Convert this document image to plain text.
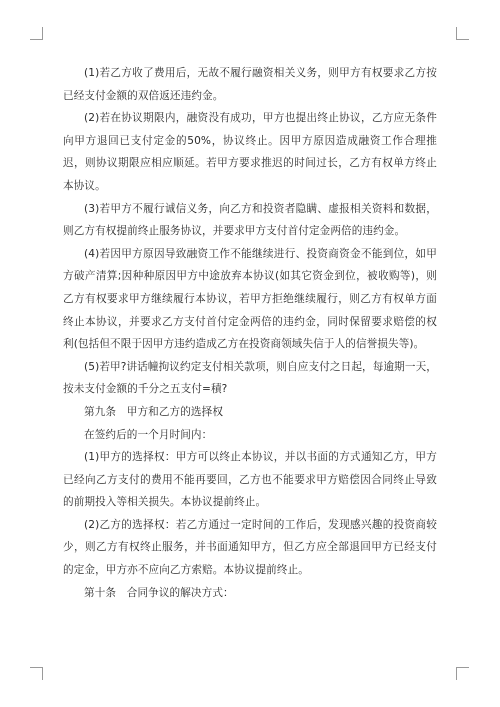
(1)若乙方收了费用后，无故不履行融资相关义务，则甲方有权要求乙方按已经支付金额的双倍返还违约金。

(2)若在协议期限内，融资没有成功，甲方也提出终止协议，乙方应无条件向甲方退回已支付定金的50%，协议终止。因甲方原因造成融资工作合理推迟，则协议期限应相应顺延。若甲方要求推迟的时间过长，乙方有权单方终止本协议。

(3)若甲方不履行诚信义务，向乙方和投资者隐瞒、虚报相关资料和数据，则乙方有权提前终止服务协议，并要求甲方支付首付定金两倍的违约金。

(4)若因甲方原因导致融资工作不能继续进行、投资商资金不能到位，如甲方破产清算;因种种原因甲方中途放弃本协议(如其它资金到位，被收购等)，则乙方有权要求甲方继续履行本协议，若甲方拒绝继续履行，则乙方有权单方面终止本协议，并要求乙方支付首付定金两倍的违约金，同时保留要求赔偿的权利(包括但不限于因甲方违约造成乙方在投资商领域失信于人的信誉损失等)。

(5)若甲?讲话幢拘议约定支付相关款项，则自应支付之日起，每逾期一天，按未支付金额的千分之五支付=積?

第九条　甲方和乙方的选择权

在签约后的一个月时间内：

(1)甲方的选择权：甲方可以终止本协议，并以书面的方式通知乙方，甲方已经向乙方支付的费用不能再要回，乙方也不能要求甲方赔偿因合同终止导致的前期投入等相关损失。本协议提前终止。

(2)乙方的选择权：若乙方通过一定时间的工作后，发现感兴趣的投资商较少，则乙方有权终止服务，并书面通知甲方，但乙方应全部退回甲方已经支付的定金，甲方亦不应向乙方索赔。本协议提前终止。

第十条　合同争议的解决方式：
